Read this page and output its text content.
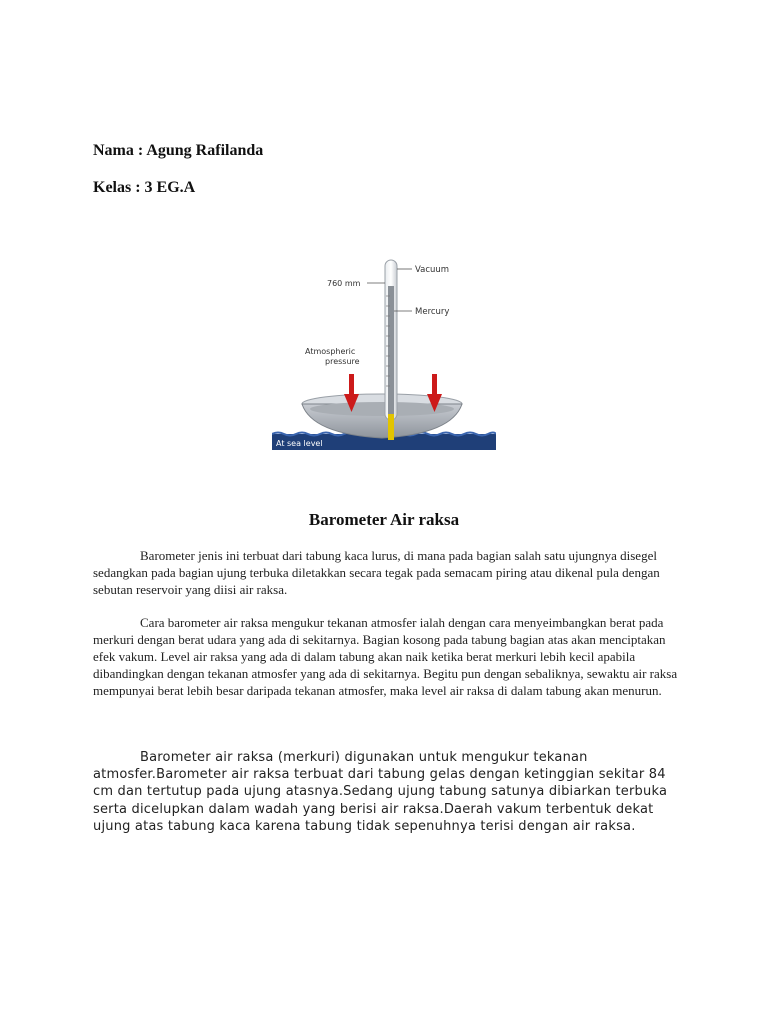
Nama : Agung Rafilanda
Kelas : 3 EG.A
760 mm
Vacuum
Mercury
Atmospheric
pressure
At sea level
Barometer Air raksa

Barometer jenis ini terbuat dari tabung kaca lurus, di mana pada bagian salah satu ujungnya disegel sedangkan pada bagian ujung terbuka diletakkan secara tegak pada semacam piring atau dikenal pula dengan sebutan reservoir yang diisi air raksa.

Cara barometer air raksa mengukur tekanan atmosfer ialah dengan cara menyeimbangkan berat pada merkuri dengan berat udara yang ada di sekitarnya. Bagian kosong pada tabung bagian atas akan menciptakan efek vakum. Level air raksa yang ada di dalam tabung akan naik ketika berat merkuri lebih kecil apabila dibandingkan dengan tekanan atmosfer yang ada di sekitarnya. Begitu pun dengan sebaliknya, sewaktu air raksa mempunyai berat lebih besar daripada tekanan atmosfer, maka level air raksa di dalam tabung akan menurun.

Barometer air raksa (merkuri) digunakan untuk mengukur tekanan atmosfer.Barometer air raksa terbuat dari tabung gelas dengan ketinggian sekitar 84 cm dan tertutup pada ujung atasnya.Sedang ujung tabung satunya dibiarkan terbuka serta dicelupkan dalam wadah yang berisi air raksa.Daerah vakum terbentuk dekat ujung atas tabung kaca karena tabung tidak sepenuhnya terisi dengan air raksa.
